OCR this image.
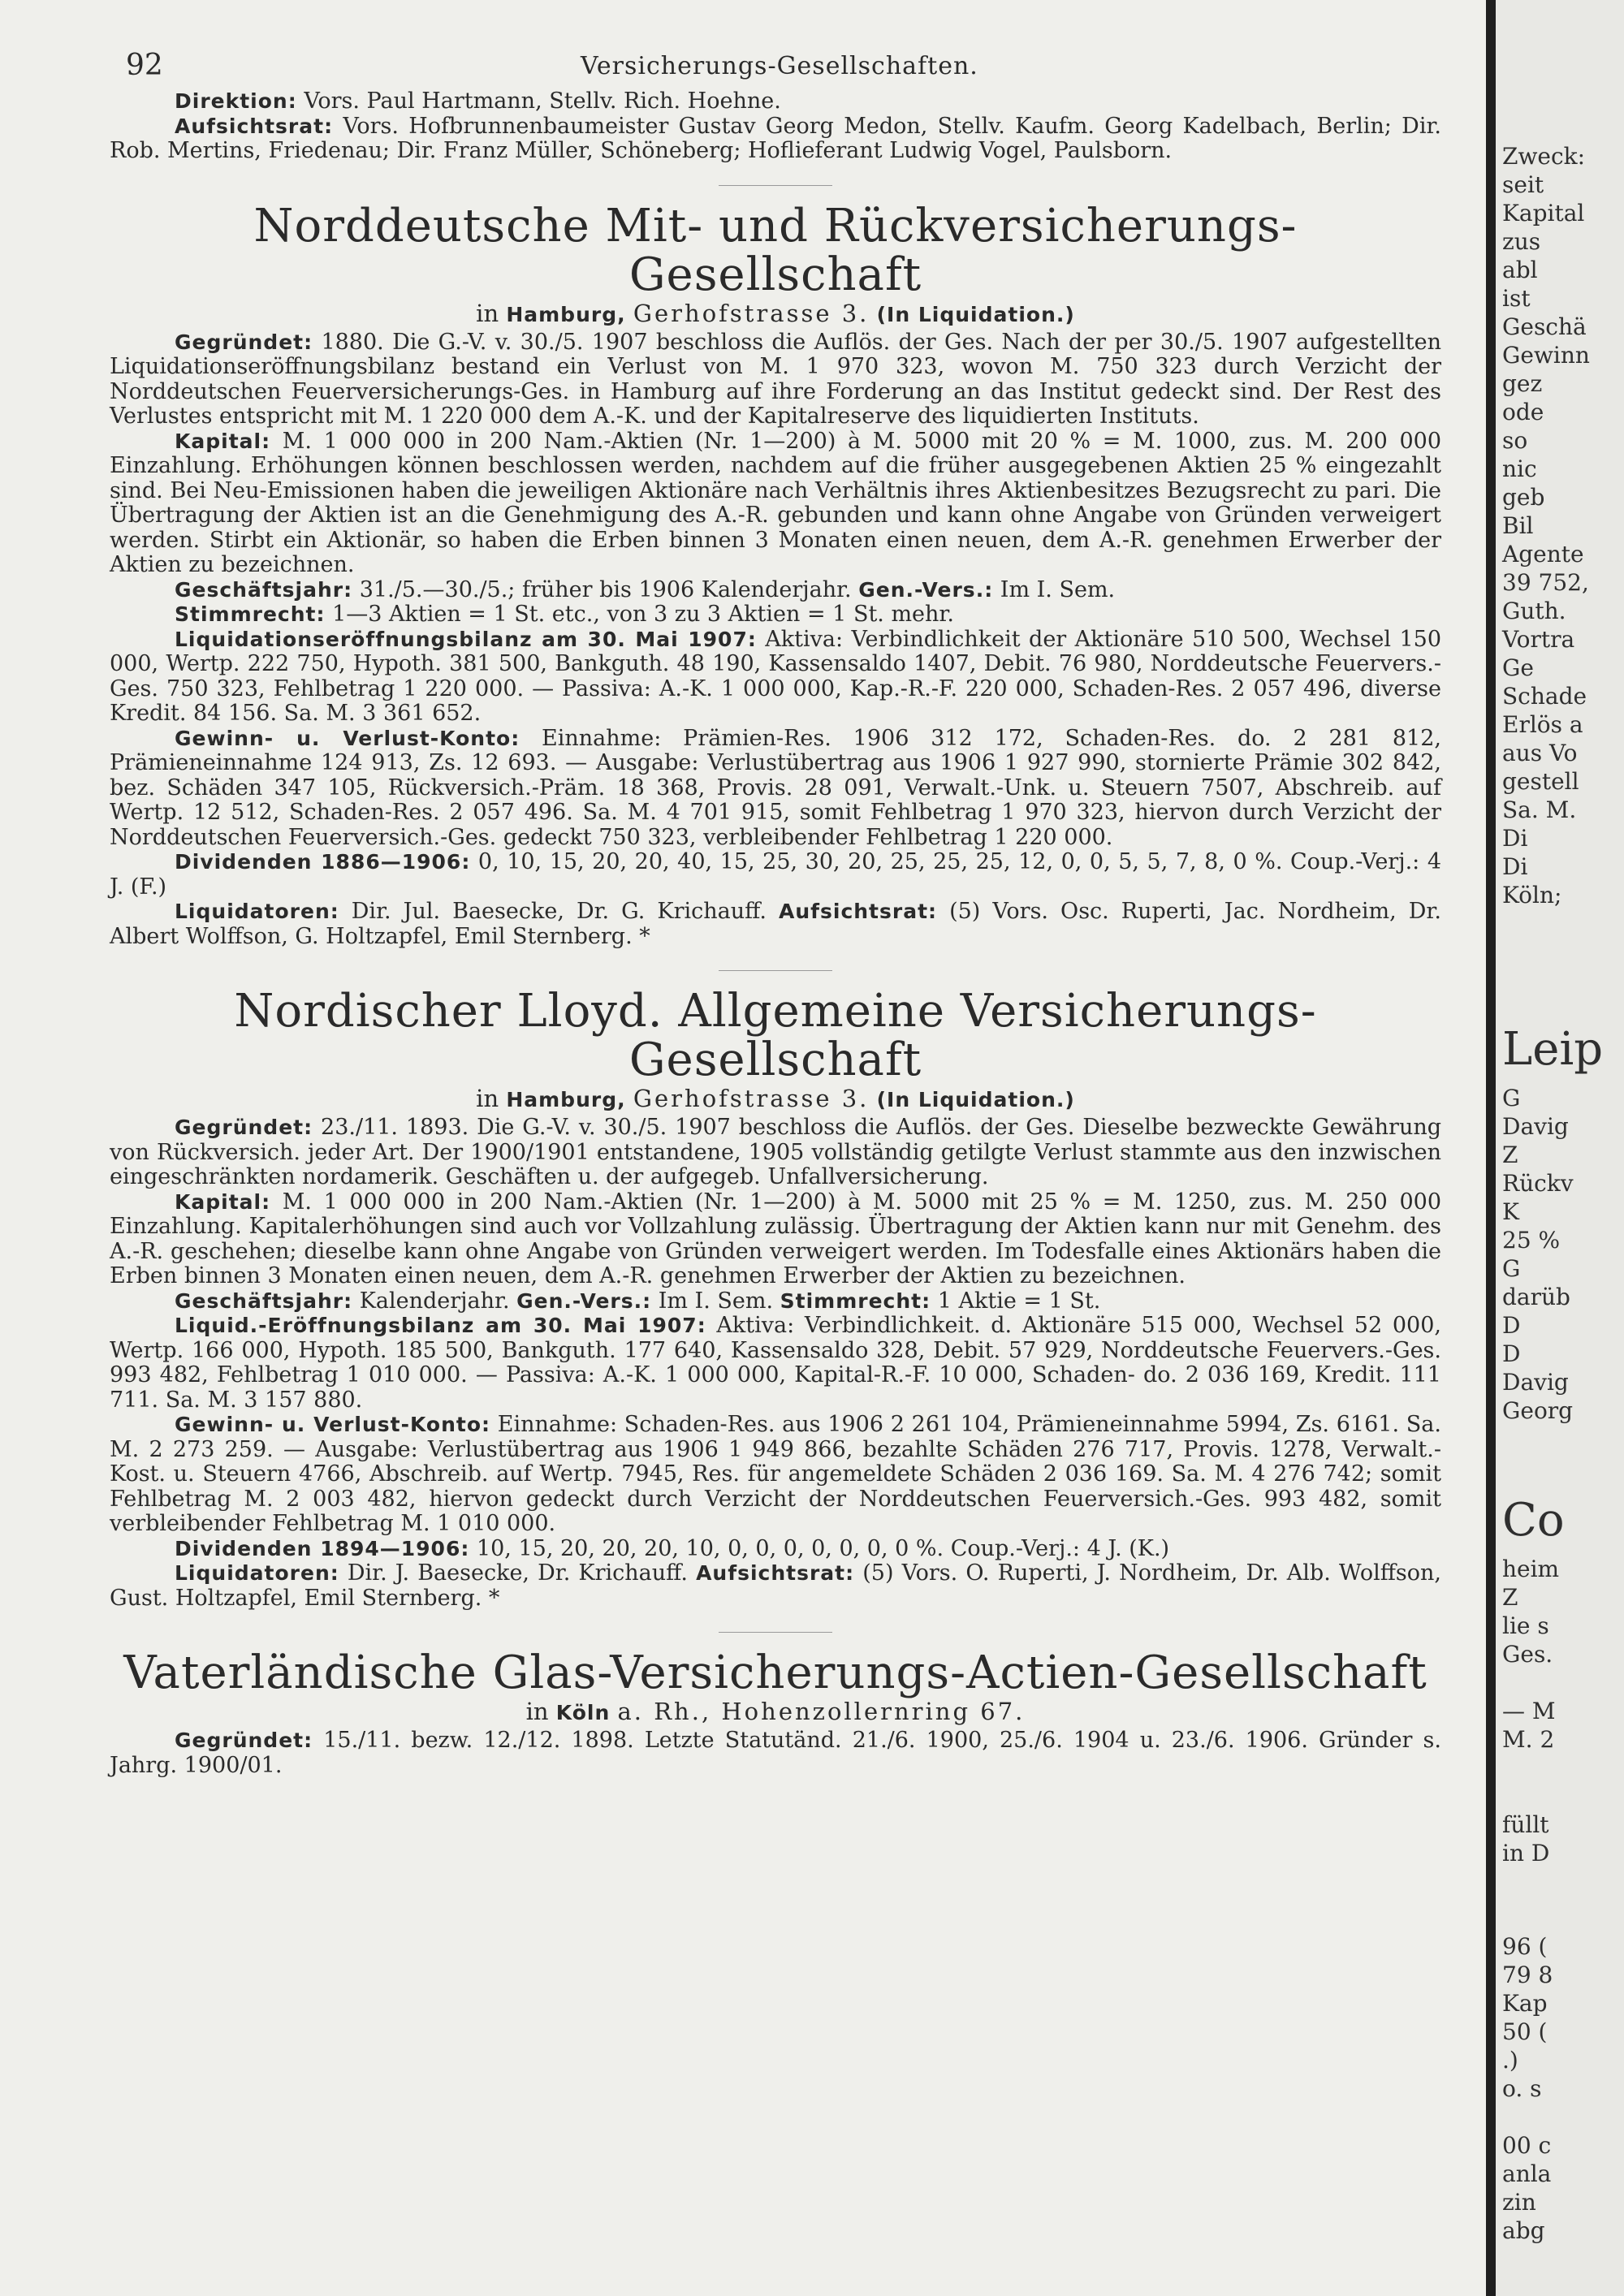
92	Versicherungs-Gesellschaften.

Direktion: Vors. Paul Hartmann, Stellv. Rich. Hoehne.

Aufsichtsrat: Vors. Hofbrunnenbaumeister Gustav Georg Medon, Stellv. Kaufm. Georg Kadelbach, Berlin; Dir. Rob. Mertins, Friedenau; Dir. Franz Müller, Schöneberg; Hoflieferant Ludwig Vogel, Paulsborn.

Norddeutsche Mit- und Rückversicherungs-Gesellschaft

in Hamburg, Gerhofstrasse 3. (In Liquidation.)

Gegründet: 1880. Die G.-V. v. 30./5. 1907 beschloss die Auflös. der Ges. Nach der per 30./5. 1907 aufgestellten Liquidationseröffnungsbilanz bestand ein Verlust von M. 1 970 323, wovon M. 750 323 durch Verzicht der Norddeutschen Feuerversicherungs-Ges. in Hamburg auf ihre Forderung an das Institut gedeckt sind. Der Rest des Verlustes entspricht mit M. 1 220 000 dem A.-K. und der Kapitalreserve des liquidierten Instituts.

Kapital: M. 1 000 000 in 200 Nam.-Aktien (Nr. 1—200) à M. 5000 mit 20 % = M. 1000, zus. M. 200 000 Einzahlung. Erhöhungen können beschlossen werden, nachdem auf die früher ausgegebenen Aktien 25 % eingezahlt sind. Bei Neu-Emissionen haben die jeweiligen Aktionäre nach Verhältnis ihres Aktienbesitzes Bezugsrecht zu pari. Die Übertragung der Aktien ist an die Genehmigung des A.-R. gebunden und kann ohne Angabe von Gründen verweigert werden. Stirbt ein Aktionär, so haben die Erben binnen 3 Monaten einen neuen, dem A.-R. genehmen Erwerber der Aktien zu bezeichnen.

Geschäftsjahr: 31./5.—30./5.; früher bis 1906 Kalenderjahr. Gen.-Vers.: Im I. Sem.

Stimmrecht: 1—3 Aktien = 1 St. etc., von 3 zu 3 Aktien = 1 St. mehr.

Liquidationseröffnungsbilanz am 30. Mai 1907: Aktiva: Verbindlichkeit der Aktionäre 510 500, Wechsel 150 000, Wertp. 222 750, Hypoth. 381 500, Bankguth. 48 190, Kassensaldo 1407, Debit. 76 980, Norddeutsche Feuervers.-Ges. 750 323, Fehlbetrag 1 220 000. — Passiva: A.-K. 1 000 000, Kap.-R.-F. 220 000, Schaden-Res. 2 057 496, diverse Kredit. 84 156. Sa. M. 3 361 652.

Gewinn- u. Verlust-Konto: Einnahme: Prämien-Res. 1906 312 172, Schaden-Res. do. 2 281 812, Prämieneinnahme 124 913, Zs. 12 693. — Ausgabe: Verlustübertrag aus 1906 1 927 990, stornierte Prämie 302 842, bez. Schäden 347 105, Rückversich.-Präm. 18 368, Provis. 28 091, Verwalt.-Unk. u. Steuern 7507, Abschreib. auf Wertp. 12 512, Schaden-Res. 2 057 496. Sa. M. 4 701 915, somit Fehlbetrag 1 970 323, hiervon durch Verzicht der Norddeutschen Feuerversich.-Ges. gedeckt 750 323, verbleibender Fehlbetrag 1 220 000.

Dividenden 1886—1906: 0, 10, 15, 20, 20, 40, 15, 25, 30, 20, 25, 25, 25, 12, 0, 0, 5, 5, 7, 8, 0 %. Coup.-Verj.: 4 J. (F.)

Liquidatoren: Dir. Jul. Baesecke, Dr. G. Krichauff. Aufsichtsrat: (5) Vors. Osc. Ruperti, Jac. Nordheim, Dr. Albert Wolffson, G. Holtzapfel, Emil Sternberg. *

Nordischer Lloyd. Allgemeine Versicherungs-Gesellschaft

in Hamburg, Gerhofstrasse 3. (In Liquidation.)

Gegründet: 23./11. 1893. Die G.-V. v. 30./5. 1907 beschloss die Auflös. der Ges. Dieselbe bezweckte Gewährung von Rückversich. jeder Art. Der 1900/1901 entstandene, 1905 vollständig getilgte Verlust stammte aus den inzwischen eingeschränkten nordamerik. Geschäften u. der aufgegeb. Unfallversicherung.

Kapital: M. 1 000 000 in 200 Nam.-Aktien (Nr. 1—200) à M. 5000 mit 25 % = M. 1250, zus. M. 250 000 Einzahlung. Kapitalerhöhungen sind auch vor Vollzahlung zulässig. Übertragung der Aktien kann nur mit Genehm. des A.-R. geschehen; dieselbe kann ohne Angabe von Gründen verweigert werden. Im Todesfalle eines Aktionärs haben die Erben binnen 3 Monaten einen neuen, dem A.-R. genehmen Erwerber der Aktien zu bezeichnen.

Geschäftsjahr: Kalenderjahr. Gen.-Vers.: Im I. Sem. Stimmrecht: 1 Aktie = 1 St.

Liquid.-Eröffnungsbilanz am 30. Mai 1907: Aktiva: Verbindlichkeit. d. Aktionäre 515 000, Wechsel 52 000, Wertp. 166 000, Hypoth. 185 500, Bankguth. 177 640, Kassensaldo 328, Debit. 57 929, Norddeutsche Feuervers.-Ges. 993 482, Fehlbetrag 1 010 000. — Passiva: A.-K. 1 000 000, Kapital-R.-F. 10 000, Schaden- do. 2 036 169, Kredit. 111 711. Sa. M. 3 157 880.

Gewinn- u. Verlust-Konto: Einnahme: Schaden-Res. aus 1906 2 261 104, Prämieneinnahme 5994, Zs. 6161. Sa. M. 2 273 259. — Ausgabe: Verlustübertrag aus 1906 1 949 866, bezahlte Schäden 276 717, Provis. 1278, Verwalt.-Kost. u. Steuern 4766, Abschreib. auf Wertp. 7945, Res. für angemeldete Schäden 2 036 169. Sa. M. 4 276 742; somit Fehlbetrag M. 2 003 482, hiervon gedeckt durch Verzicht der Norddeutschen Feuerversich.-Ges. 993 482, somit verbleibender Fehlbetrag M. 1 010 000.

Dividenden 1894—1906: 10, 15, 20, 20, 20, 10, 0, 0, 0, 0, 0, 0, 0 %. Coup.-Verj.: 4 J. (K.)

Liquidatoren: Dir. J. Baesecke, Dr. Krichauff. Aufsichtsrat: (5) Vors. O. Ruperti, J. Nordheim, Dr. Alb. Wolffson, Gust. Holtzapfel, Emil Sternberg. *

Vaterländische Glas-Versicherungs-Actien-Gesellschaft

in Köln a. Rh., Hohenzollernring 67.

Gegründet: 15./11. bezw. 12./12. 1898. Letzte Statutänd. 21./6. 1900, 25./6. 1904 u. 23./6. 1906. Gründer s. Jahrg. 1900/01.

Zweck:
seit
Kapital
zus
abl
ist
Geschä
Gewinn
gez
ode
so
nic
geb
Bil
Agente
39 752,
Guth.
Vortra
Ge
Schade
Erlös a
aus Vo
gestell
Sa. M.
Di
Di
Köln;
Leip
G
Davig
Z
Rückv
K
25 %
G
darüb
D
D
Davig
Georg
Co
heim
Z
lie s
Ges.
— M
M. 2
füllt
in D
96 (
79 8
Kap
50 (
.)
o. s
00 c
anla
zin
abg
